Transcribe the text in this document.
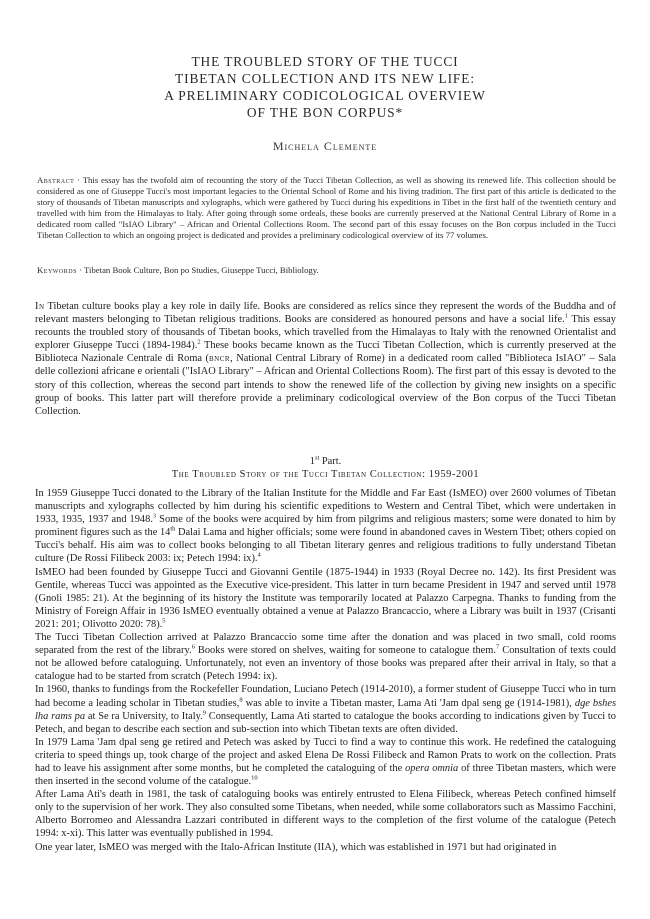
THE TROUBLED STORY OF THE TUCCI
TIBETAN COLLECTION AND ITS NEW LIFE:
A PRELIMINARY CODICOLOGICAL OVERVIEW
OF THE BON CORPUS*
Michela Clemente

Abstract · This essay has the twofold aim of recounting the story of the Tucci Tibetan Collection, as well as showing its renewed life. This collection should be considered as one of Giuseppe Tucci's most important legacies to the Oriental School of Rome and his living tradition. The first part of this article is dedicated to the story of thousands of Tibetan manuscripts and xylographs, which were gathered by Tucci during his expeditions in Tibet in the first half of the twentieth century and travelled with him from the Himalayas to Italy. After going through some ordeals, these books are currently preserved at the National Central Library of Rome in a dedicated room called "IsIAO Library" – African and Oriental Collections Room. The second part of this essay focuses on the Bon corpus included in the Tucci Tibetan Collection to which an ongoing project is dedicated and provides a preliminary codicological overview of its 77 volumes.

Keywords · Tibetan Book Culture, Bon po Studies, Giuseppe Tucci, Bibliology.

In Tibetan culture books play a key role in daily life. Books are considered as relics since they represent the words of the Buddha and of relevant masters belonging to Tibetan religious traditions. Books are considered as honoured persons and have a social life.$^1$ This essay recounts the troubled story of thousands of Tibetan books, which travelled from the Himalayas to Italy with the renowned Orientalist and explorer Giuseppe Tucci (1894-1984).$^2$ These books became known as the Tucci Tibetan Collection, which is currently preserved at the Biblioteca Nazionale Centrale di Roma (bncr, National Central Library of Rome) in a dedicated room called "Biblioteca IsIAO" – Sala delle collezioni africane e orientali ("IsIAO Library" – African and Oriental Collections Room). The first part of this essay is devoted to the story of this collection, whereas the second part intends to show the renewed life of the collection by giving new insights on a specific group of books. This latter part will therefore provide a preliminary codicological overview of the Bon corpus of the Tucci Tibetan Collection.

1st Part.
The Troubled Story of the Tucci Tibetan Collection: 1959-2001

In 1959 Giuseppe Tucci donated to the Library of the Italian Institute for the Middle and Far East (IsMEO) over 2600 volumes of Tibetan manuscripts and xylographs collected by him during his scientific expeditions to Western and Central Tibet, which were undertaken in 1933, 1935, 1937 and 1948.$^3$ Some of the books were acquired by him from pilgrims and religious masters; some were donated to him by prominent figures such as the 14th Dalai Lama and higher officials; some were found in abandoned caves in Western Tibet; others copied on Tucci's behalf. His aim was to collect books belonging to all Tibetan literary genres and religious traditions to fully understand Tibetan culture (De Rossi Filibeck 2003: ix; Petech 1994: ix).$^4$

IsMEO had been founded by Giuseppe Tucci and Giovanni Gentile (1875-1944) in 1933 (Royal Decree no. 142). Its first President was Gentile, whereas Tucci was appointed as the Executive vice-president. This latter in turn became President in 1947 and served until 1978 (Gnoli 1985: 21). At the beginning of its history the Institute was temporarily located at Palazzo Carpegna. Thanks to funding from the Ministry of Foreign Affair in 1936 IsMEO eventually obtained a venue at Palazzo Brancaccio, where a Library was built in 1937 (Crisanti 2021: 201; Olivotto 2020: 78).$^5$

The Tucci Tibetan Collection arrived at Palazzo Brancaccio some time after the donation and was placed in two small, cold rooms separated from the rest of the library.$^6$ Books were stored on shelves, waiting for someone to catalogue them.$^7$ Consultation of texts could not be allowed before cataloguing. Unfortunately, not even an inventory of those books was prepared after their arrival in Italy, so that a catalogue had to be started from scratch (Petech 1994: ix).

In 1960, thanks to fundings from the Rockefeller Foundation, Luciano Petech (1914-2010), a former student of Giuseppe Tucci who in turn had become a leading scholar in Tibetan studies,$^8$ was able to invite a Tibetan master, Lama Ati 'Jam dpal seng ge (1914-1981), dge bshes lha rams pa at Se ra University, to Italy.$^9$ Consequently, Lama Ati started to catalogue the books according to indications given by Tucci to Petech, and began to describe each section and sub-section into which Tibetan texts are often divided.

In 1979 Lama 'Jam dpal seng ge retired and Petech was asked by Tucci to find a way to continue this work. He redefined the cataloguing criteria to speed things up, took charge of the project and asked Elena De Rossi Filibeck and Ramon Prats to work on the collection. Prats had to leave his assignment after some months, but he completed the cataloguing of the opera omnia of three Tibetan masters, which were then inserted in the second volume of the catalogue.$^{10}$

After Lama Ati's death in 1981, the task of cataloguing books was entirely entrusted to Elena Filibeck, whereas Petech confined himself only to the supervision of her work. They also consulted some Tibetans, when needed, while some collaborators such as Massimo Facchini, Alberto Borromeo and Alessandra Lazzari contributed in different ways to the completion of the first volume of the catalogue (Petech 1994: x-xi). This latter was eventually published in 1994.

One year later, IsMEO was merged with the Italo-African Institute (IIA), which was established in 1971 but had originated in
